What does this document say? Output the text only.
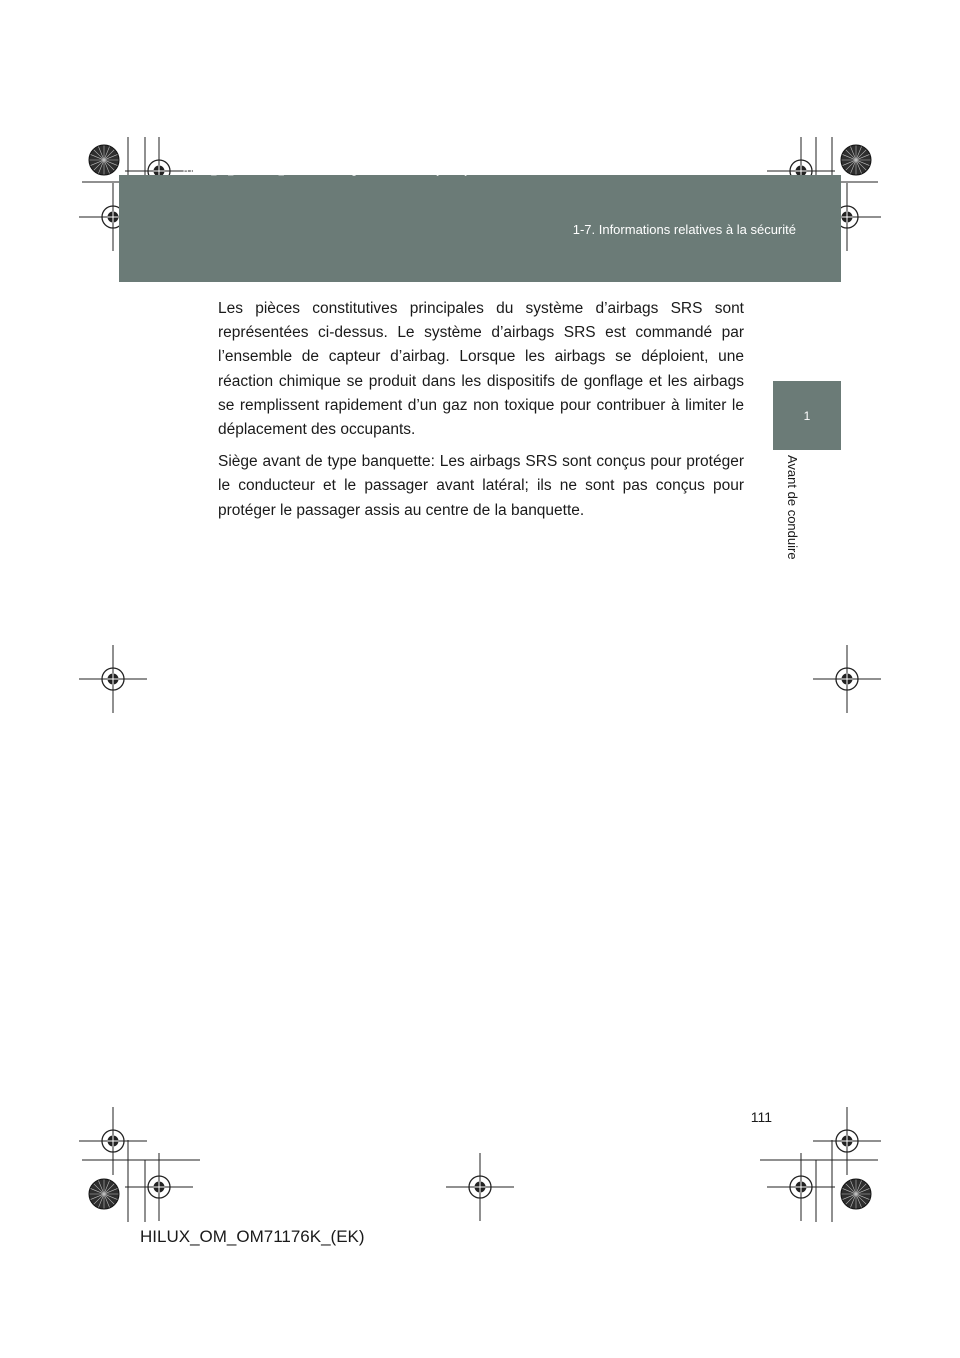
HILUX_OM_OM71176K_(EK).book Page 111 Wednesday, May 16, 2012 2:32 PM
1-7. Informations relatives à la sécurité
1
Avant de conduire

Les pièces constitutives principales du système d’airbags SRS sont représentées ci-dessus. Le système d’airbags SRS est commandé par l’ensemble de capteur d’airbag. Lorsque les airbags se déploient, une réaction chimique se produit dans les dispositifs de gonflage et les airbags se remplissent rapidement d’un gaz non toxique pour contribuer à limiter le déplacement des occupants.

Siège avant de type banquette: Les airbags SRS sont conçus pour protéger le conducteur et le passager avant latéral; ils ne sont pas conçus pour protéger le passager assis au centre de la banquette.

111
HILUX_OM_OM71176K_(EK)
